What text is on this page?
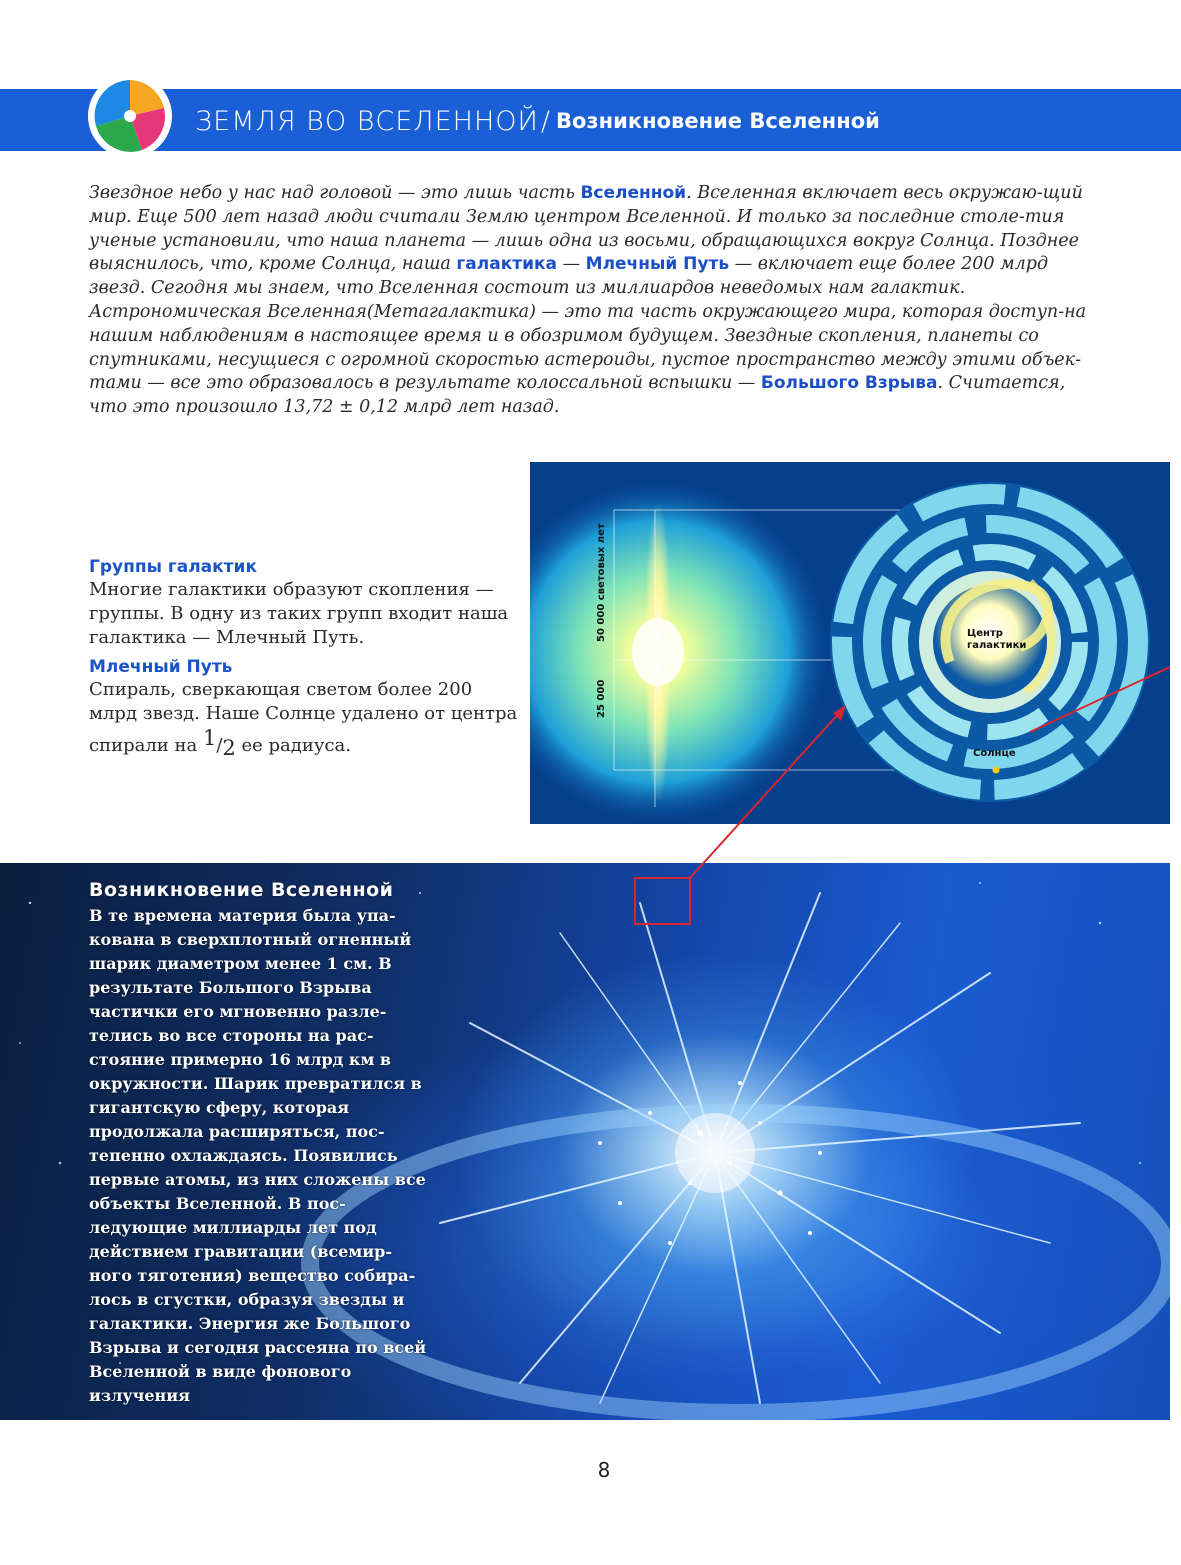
ЗЕМЛЯ ВО ВСЕЛЕННОЙ / Возникновение Вселенной

Звездное небо у нас над головой — это лишь часть Вселенной. Вселенная включает весь окружаю-щий мир. Еще 500 лет назад люди считали Землю центром Вселенной. И только за последние столе-тия ученые установили, что наша планета — лишь одна из восьми, обращающихся вокруг Солнца. Позднее выяснилось, что, кроме Солнца, наша галактика — Млечный Путь — включает еще более 200 млрд звезд. Сегодня мы знаем, что Вселенная состоит из миллиардов неведомых нам галактик. Астрономическая Вселенная(Метагалактика) — это та часть окружающего мира, которая доступ-на нашим наблюдениям в настоящее время и в обозримом будущем. Звездные скопления, планеты со спутниками, несущиеся с огромной скоростью астероиды, пустое пространство между этими объек-тами — все это образовалось в результате колоссальной вспышки — Большого Взрыва. Считается, что это произошло 13,72 ± 0,12 млрд лет назад.

Группы галактик

Многие галактики образуют скопления — группы. В одну из таких групп входит наша галактика — Млечный Путь.

Млечный Путь

Спираль, сверкающая светом более 200 млрд звезд. Наше Солнце удалено от центра спирали на $^1/_2$ ее радиуса.

50 000 световых лет
25 000
Центр
галактики
Солнце
Возникновение Вселенной

В те времена материя была упа-кована в сверхплотный огненный шарик диаметром менее 1 см. В результате Большого Взрыва частички его мгновенно разле-телись во все стороны на рас-стояние примерно 16 млрд км в окружности. Шарик превратился в гигантскую сферу, которая продолжала расширяться, пос-тепенно охлаждаясь. Появились первые атомы, из них сложены все объекты Вселенной. В пос-ледующие миллиарды лет под действием гравитации (всемир-ного тяготения) вещество собира-лось в сгустки, образуя звезды и галактики. Энергия же Большого Взрыва и сегодня рассеяна по всей Вселенной в виде фонового излучения

8
